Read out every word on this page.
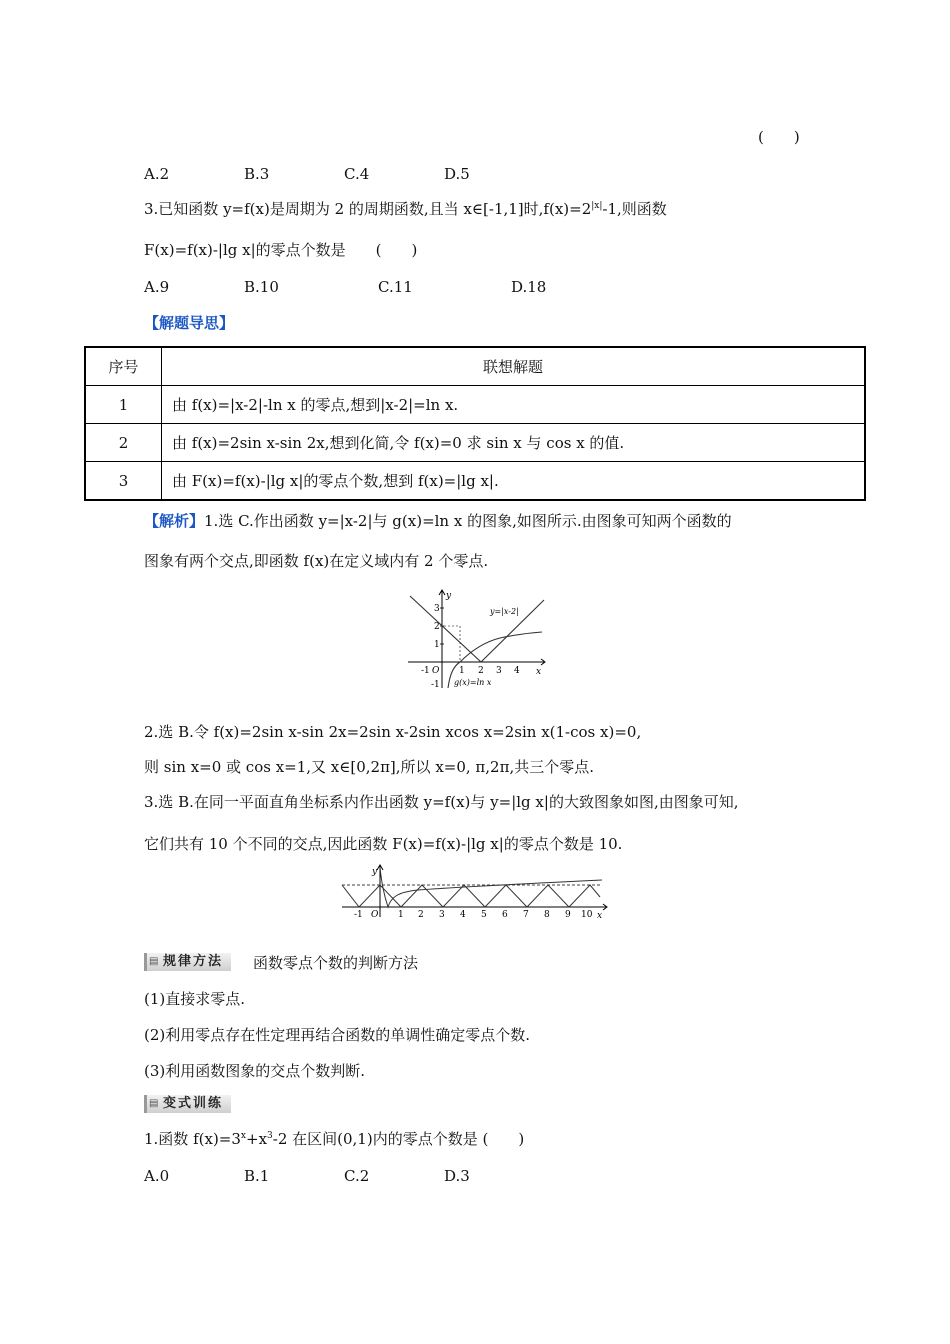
(　　)
A.2	B.3	C.4	D.5
3.已知函数 y=f(x)是周期为 2 的周期函数,且当 x∈[-1,1]时$,f(x)=2^{|x|}-1$,则函数
F(x)=f(x)-|lg x|的零点个数是　　(　　)
A.9	B.10	C.11	D.18
【解题导思】
序号	联想解题
1	由 f(x)=|x-2|-ln x 的零点,想到|x-2|=ln x.
2	由 f(x)=2sin x-sin 2x,想到化简,令 f(x)=0 求 sin x 与 cos x 的值.
3	由 F(x)=f(x)-|lg x|的零点个数,想到 f(x)=|lg x|.
【解析】1.选 C.作出函数 y=|x-2|与 g(x)=ln x 的图象,如图所示.由图象可知两个函数的
图象有两个交点,即函数 f(x)在定义域内有 2 个零点.
y
x
O
-1	1 2 3 4
3
2
1
-1
y=|x-2|
g(x)=ln x
2.选 B.令 f(x)=2sin x-sin 2x=2sin x-2sin xcos x=2sin x(1-cos x)=0,
则 sin x=0 或 cos x=1,又 x∈[0,2π],所以 x=0, π,2π,共三个零点.
3.选 B.在同一平面直角坐标系内作出函数 y=f(x)与 y=|lg x|的大致图象如图,由图象可知,
它们共有 10 个不同的交点,因此函数 F(x)=f(x)-|lg x|的零点个数是 10.
y
x
O
-1	1 2 3 4 5 6 7 8 9 10
▤ 规律方法	函数零点个数的判断方法
(1)直接求零点.
(2)利用零点存在性定理再结合函数的单调性确定零点个数.
(3)利用函数图象的交点个数判断.
▤ 变式训练
1.函数 $f(x)=3^x+x^3-2$ 在区间(0,1)内的零点个数是 (　　)
A.0	B.1	C.2	D.3
